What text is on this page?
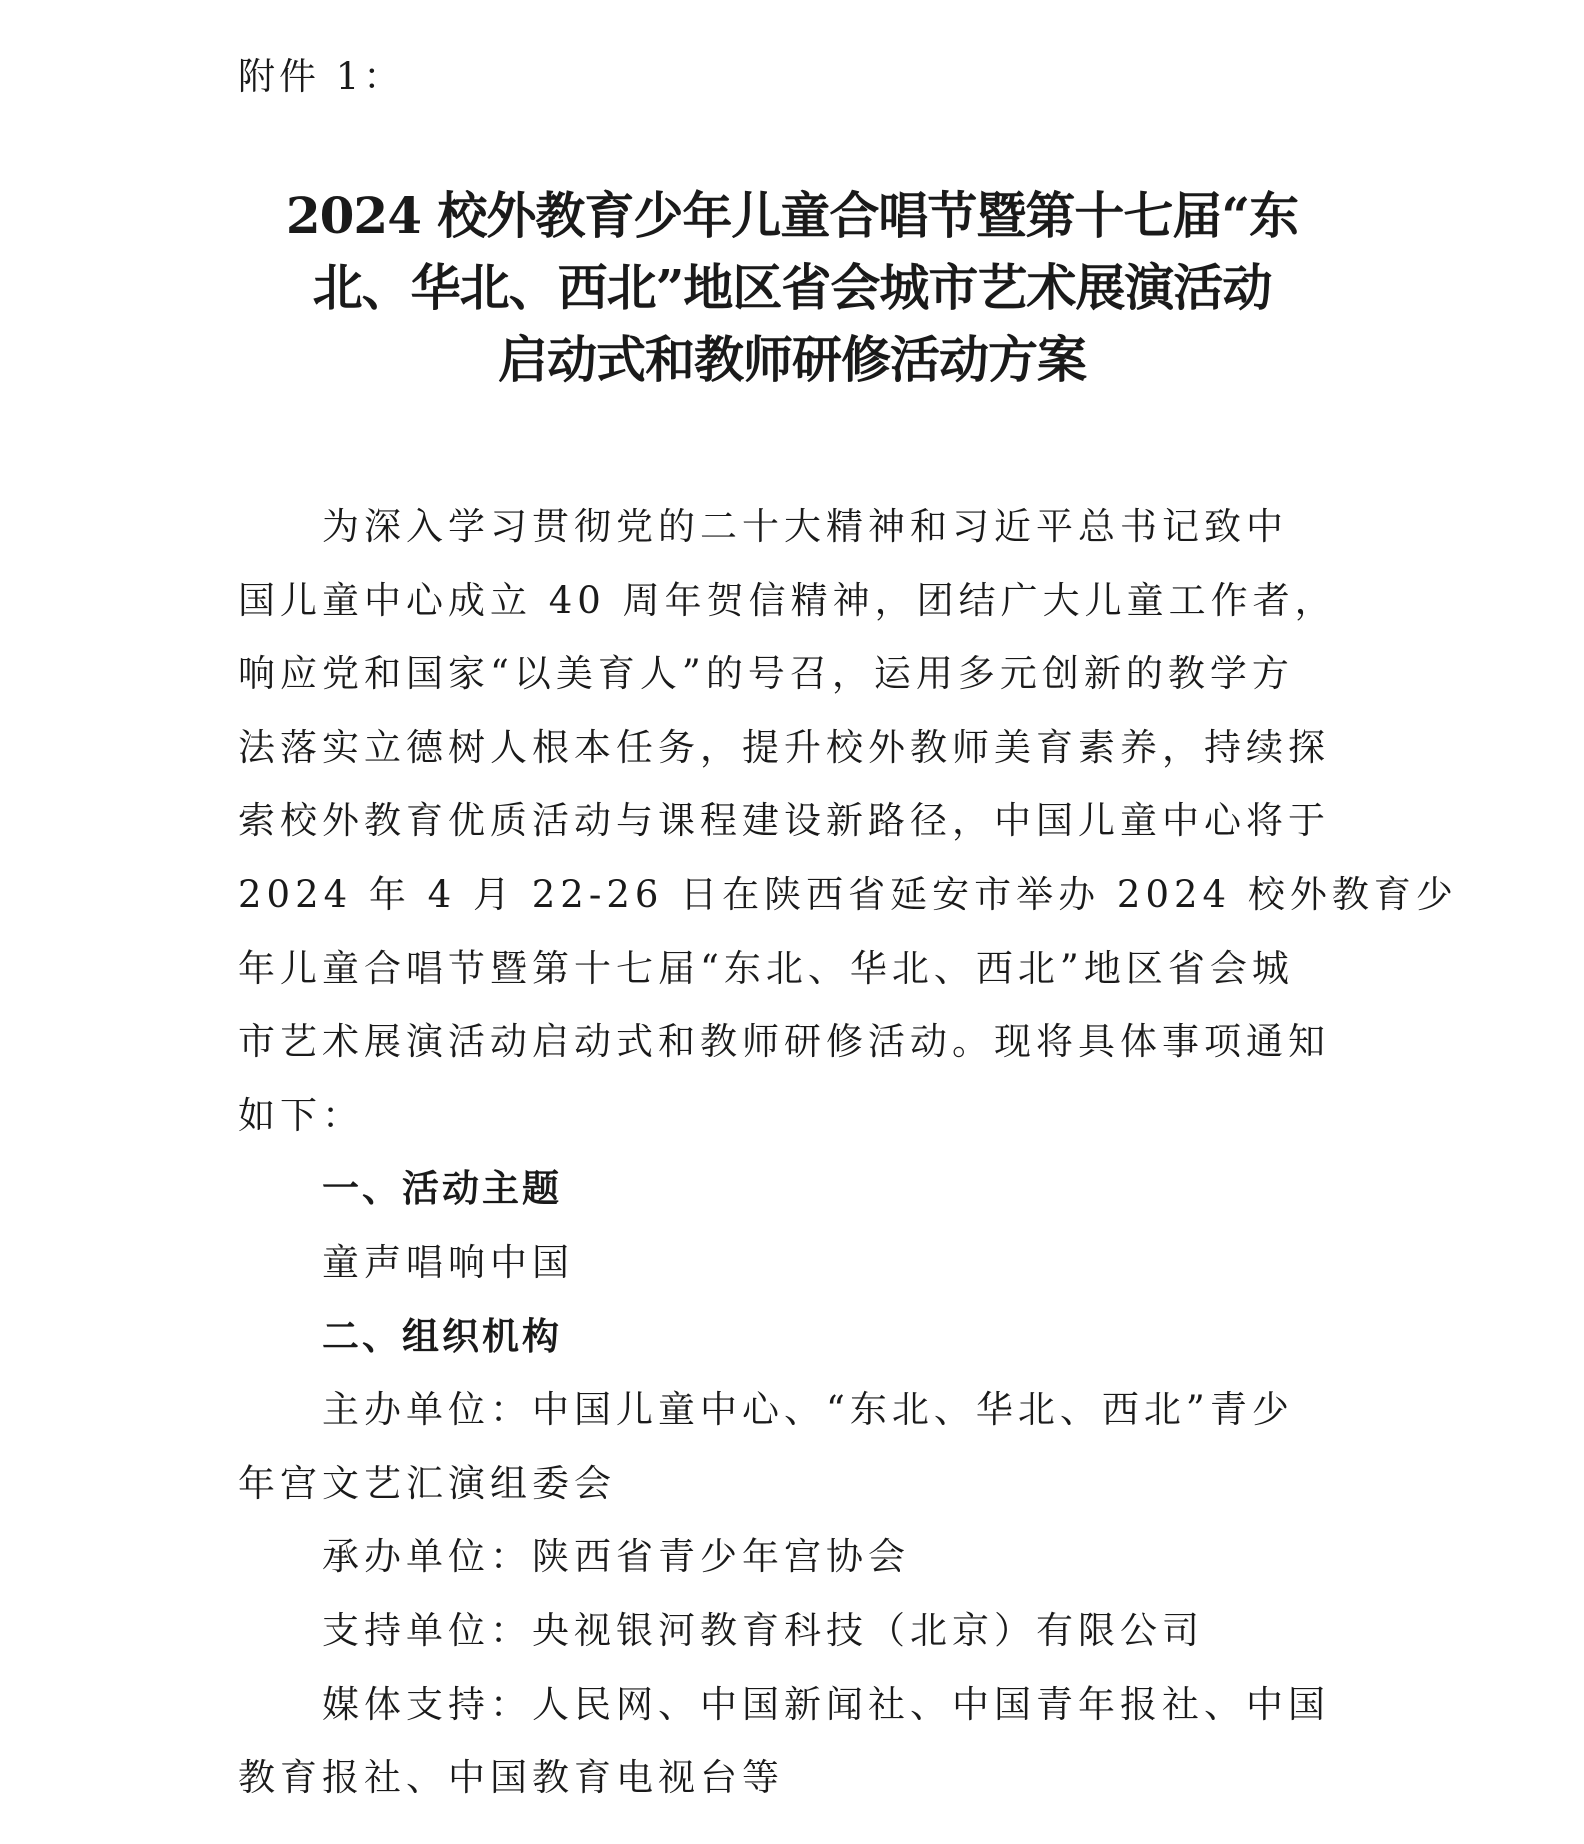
附件 1：
2024 校外教育少年儿童合唱节暨第十七届“东
北、华北、西北”地区省会城市艺术展演活动
启动式和教师研修活动方案
为深入学习贯彻党的二十大精神和习近平总书记致中
国儿童中心成立 40 周年贺信精神，团结广大儿童工作者，
响应党和国家“以美育人”的号召，运用多元创新的教学方
法落实立德树人根本任务，提升校外教师美育素养，持续探
索校外教育优质活动与课程建设新路径，中国儿童中心将于
2024 年 4 月 22-26 日在陕西省延安市举办 2024 校外教育少
年儿童合唱节暨第十七届“东北、华北、西北”地区省会城
市艺术展演活动启动式和教师研修活动。现将具体事项通知
如下：
一、活动主题
童声唱响中国
二、组织机构
主办单位：中国儿童中心、“东北、华北、西北”青少
年宫文艺汇演组委会
承办单位：陕西省青少年宫协会
支持单位：央视银河教育科技（北京）有限公司
媒体支持：人民网、中国新闻社、中国青年报社、中国
教育报社、中国教育电视台等
